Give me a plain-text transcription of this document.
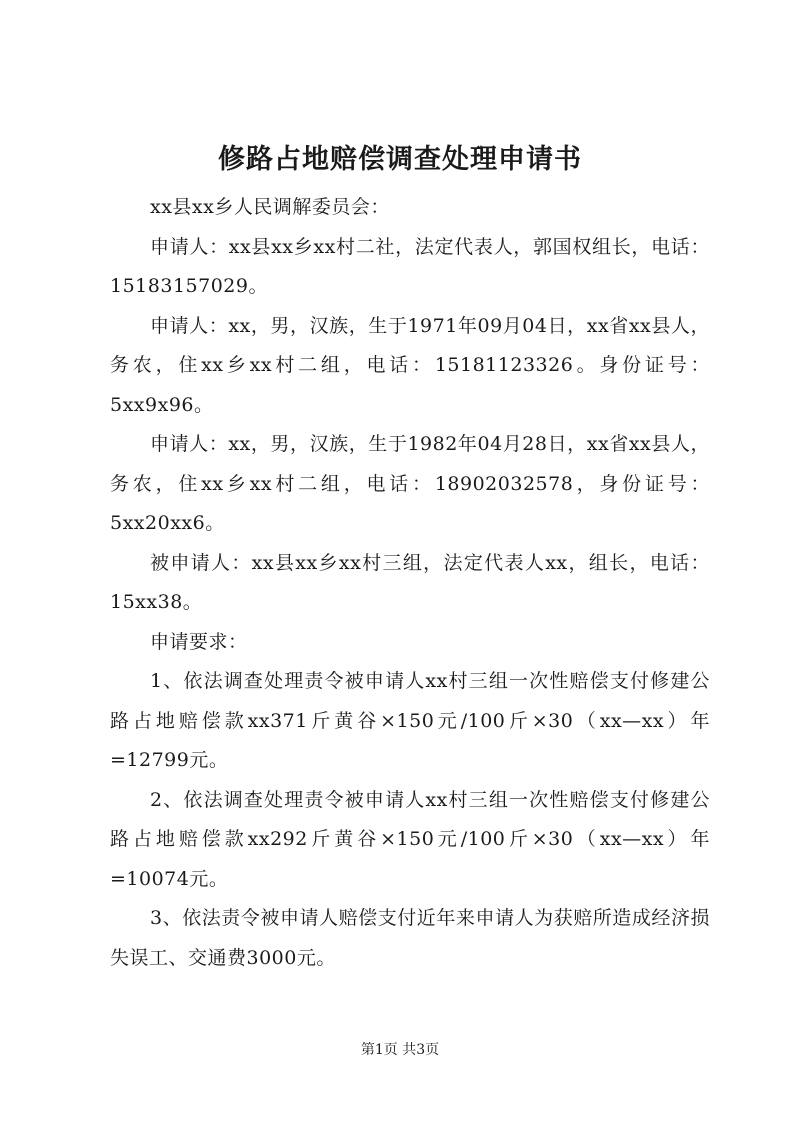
修路占地赔偿调查处理申请书

xx县xx乡人民调解委员会：

申请人：xx县xx乡xx村二社，法定代表人，郭国权组长，电话：15183157029。

申请人：xx，男，汉族，生于1971年09月04日，xx省xx县人，务农，住xx乡xx村二组，电话：15181123326。身份证号：5xx9x96。

申请人：xx，男，汉族，生于1982年04月28日，xx省xx县人，务农，住xx乡xx村二组，电话：18902032578，身份证号：5xx20xx6。

被申请人：xx县xx乡xx村三组，法定代表人xx，组长，电话：15xx38。

申请要求：

1、依法调查处理责令被申请人xx村三组一次性赔偿支付修建公路占地赔偿款xx371斤黄谷×150元/100斤×30（xx—xx）年=12799元。

2、依法调查处理责令被申请人xx村三组一次性赔偿支付修建公路占地赔偿款xx292斤黄谷×150元/100斤×30（xx—xx）年=10074元。

3、依法责令被申请人赔偿支付近年来申请人为获赔所造成经济损失误工、交通费3000元。

第1页 共3页
